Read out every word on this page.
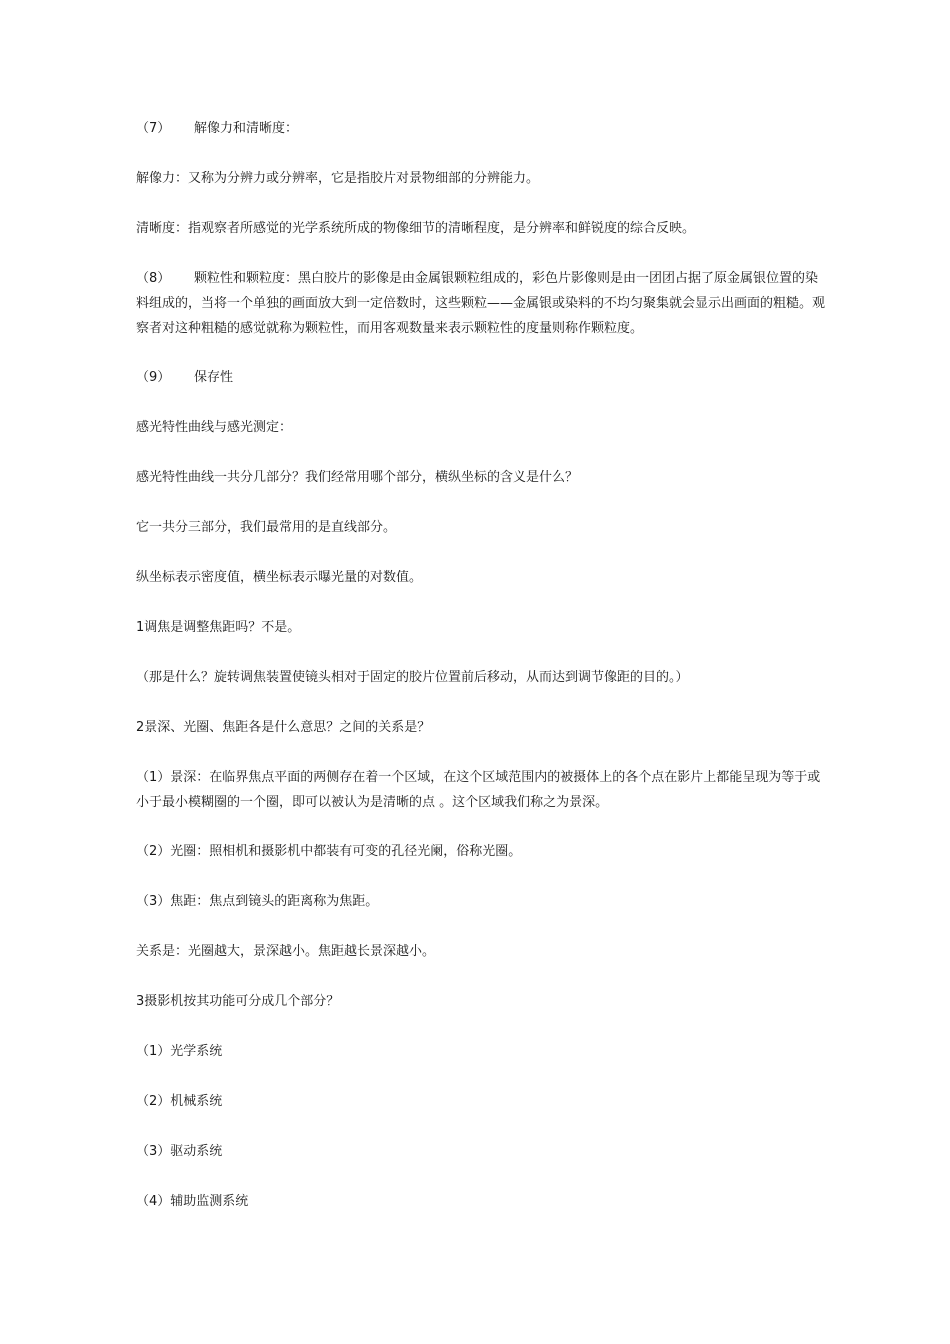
（7） 解像力和清晰度：

解像力：又称为分辨力或分辨率，它是指胶片对景物细部的分辨能力。

清晰度：指观察者所感觉的光学系统所成的物像细节的清晰程度，是分辨率和鲜锐度的综合反映。

（8） 颗粒性和颗粒度：黑白胶片的影像是由金属银颗粒组成的，彩色片影像则是由一团团占据了原金属银位置的染料组成的，当将一个单独的画面放大到一定倍数时，这些颗粒——金属银或染料的不均匀聚集就会显示出画面的粗糙。观察者对这种粗糙的感觉就称为颗粒性，而用客观数量来表示颗粒性的度量则称作颗粒度。

（9） 保存性

感光特性曲线与感光测定：

感光特性曲线一共分几部分？我们经常用哪个部分，横纵坐标的含义是什么？

它一共分三部分，我们最常用的是直线部分。

纵坐标表示密度值，横坐标表示曝光量的对数值。

1调焦是调整焦距吗？不是。

（那是什么？旋转调焦装置使镜头相对于固定的胶片位置前后移动，从而达到调节像距的目的。）

2景深、光圈、焦距各是什么意思？之间的关系是？

（1）景深：在临界焦点平面的两侧存在着一个区域，在这个区域范围内的被摄体上的各个点在影片上都能呈现为等于或小于最小模糊圈的一个圈，即可以被认为是清晰的点 。这个区域我们称之为景深。

（2）光圈：照相机和摄影机中都装有可变的孔径光阑，俗称光圈。

（3）焦距：焦点到镜头的距离称为焦距。

关系是：光圈越大，景深越小。焦距越长景深越小。

3摄影机按其功能可分成几个部分？

（1）光学系统

（2）机械系统

（3）驱动系统

（4）辅助监测系统
